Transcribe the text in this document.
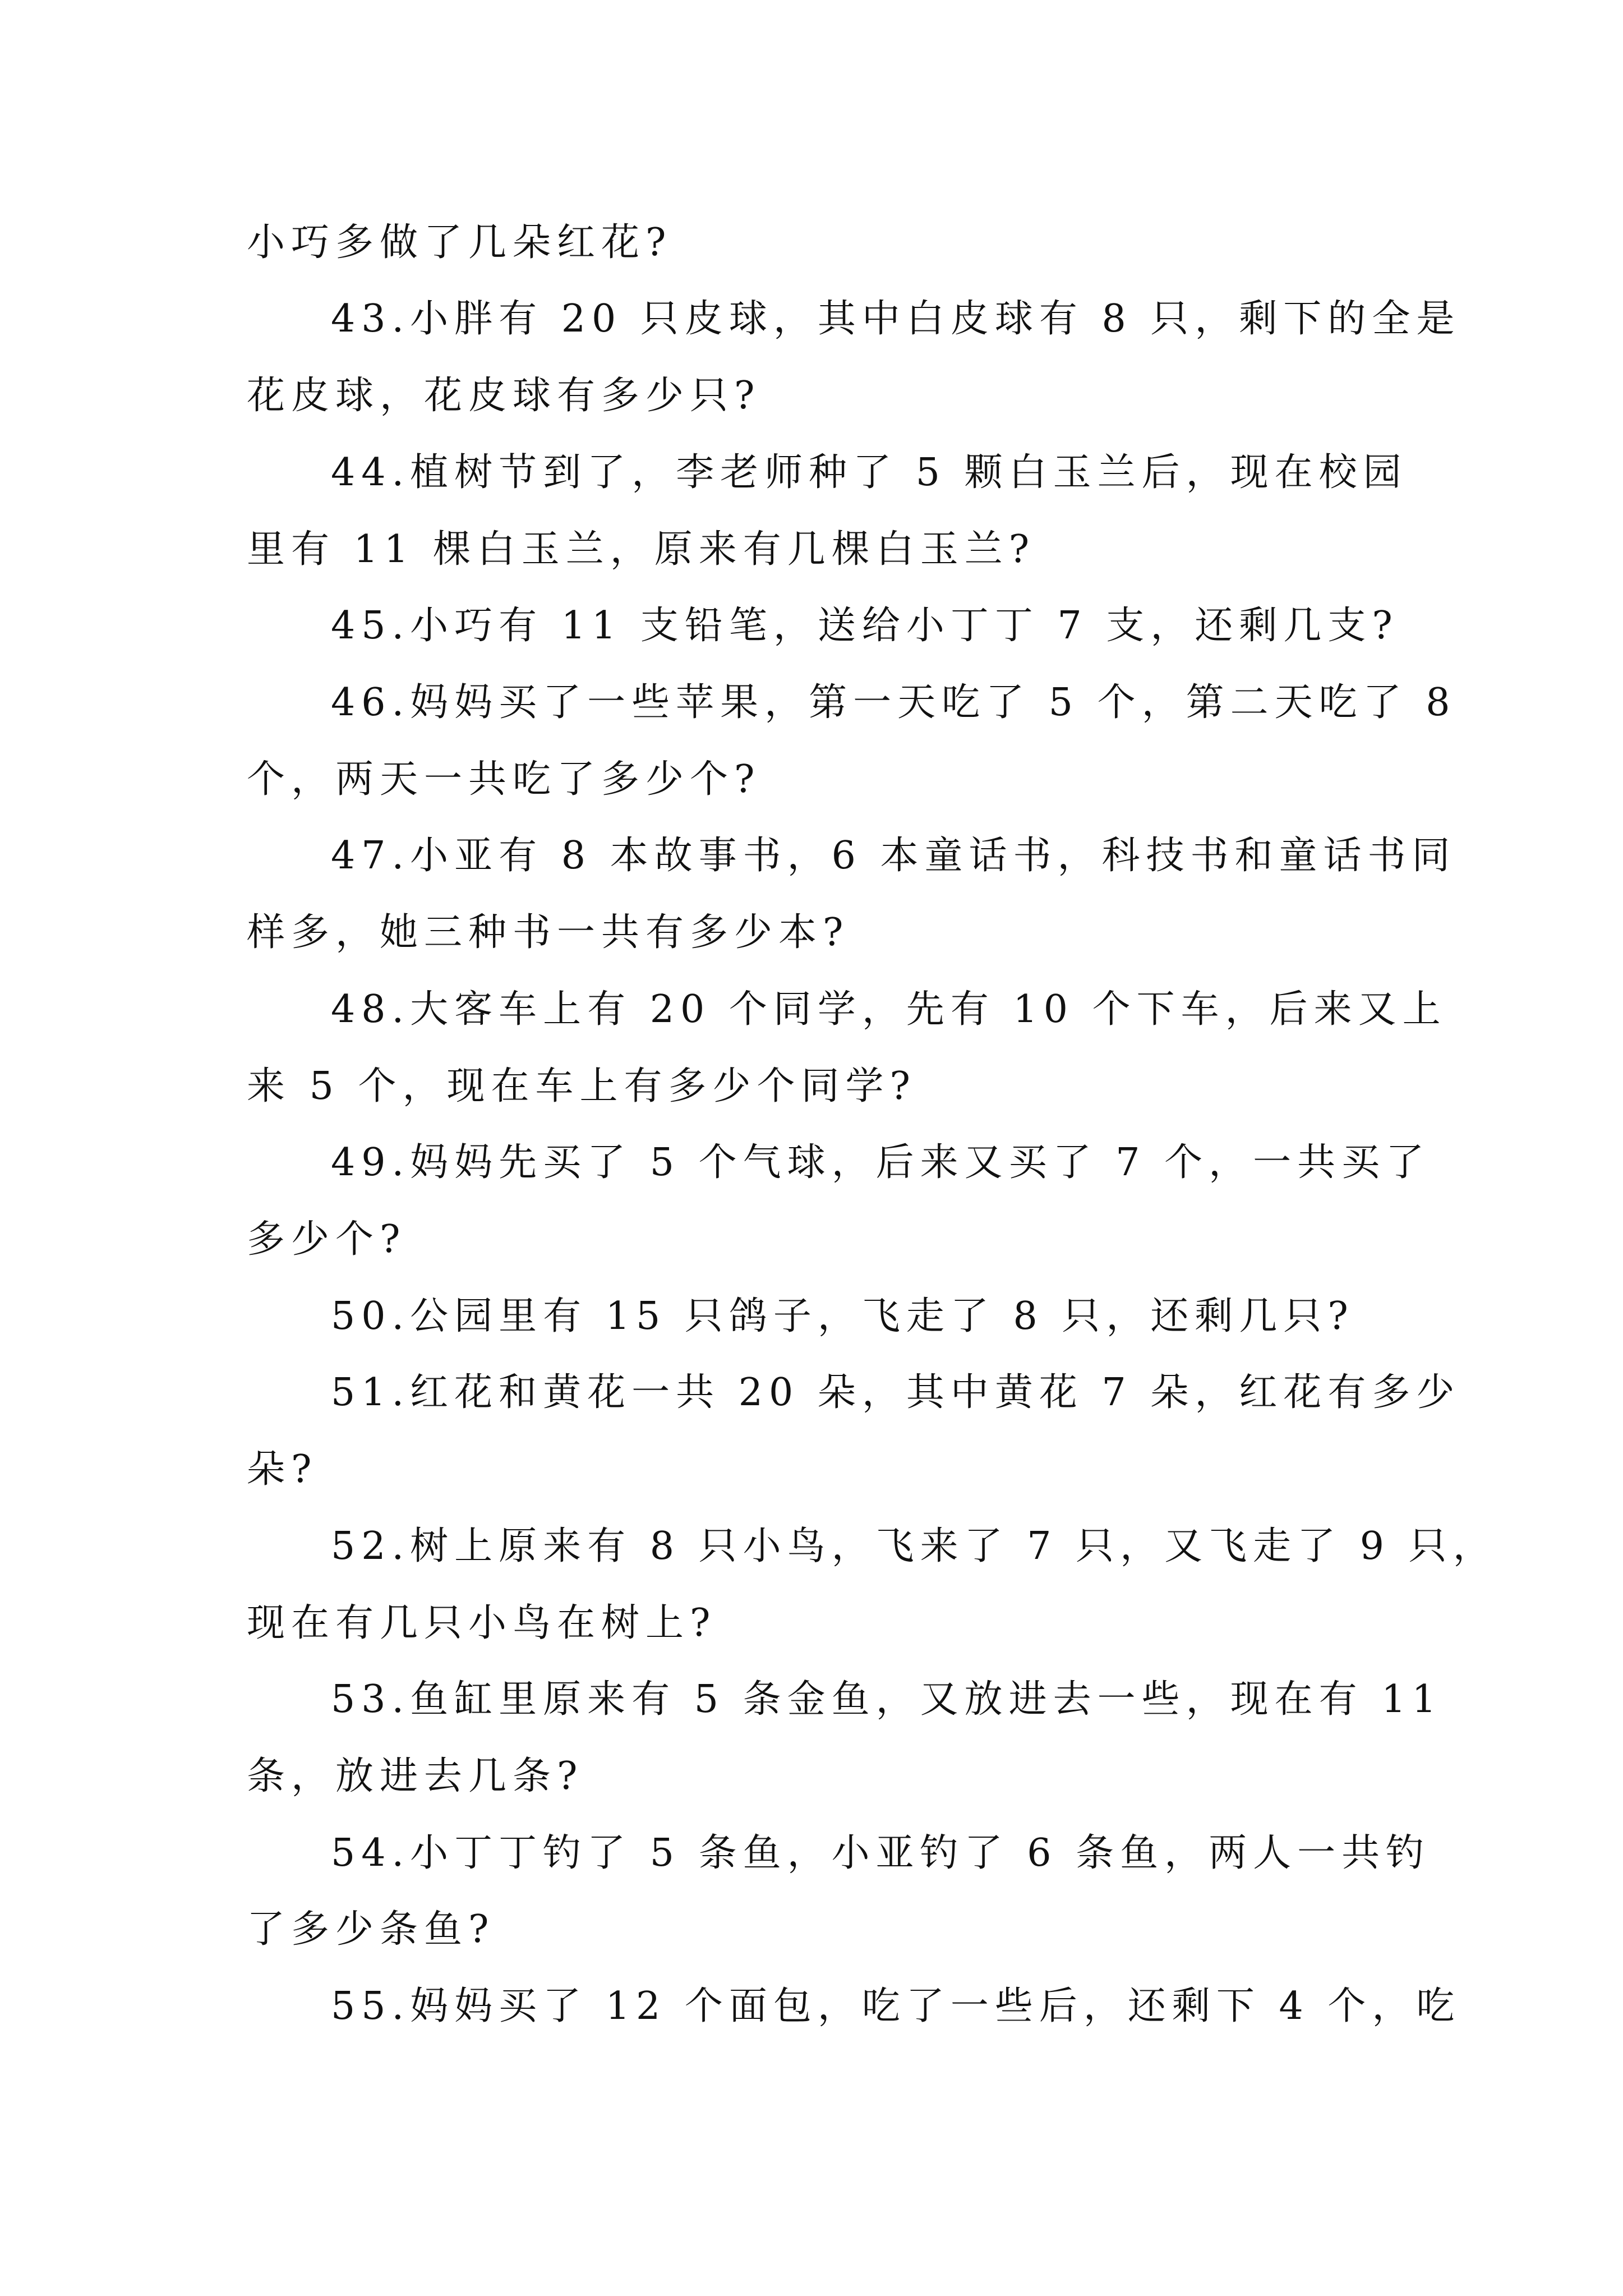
小巧多做了几朵红花?
43.小胖有 20 只皮球，其中白皮球有 8 只，剩下的全是
花皮球，花皮球有多少只?
44.植树节到了，李老师种了 5 颗白玉兰后，现在校园
里有 11 棵白玉兰，原来有几棵白玉兰?
45.小巧有 11 支铅笔，送给小丁丁 7 支，还剩几支?
46.妈妈买了一些苹果，第一天吃了 5 个，第二天吃了 8
个，两天一共吃了多少个?
47.小亚有 8 本故事书，6 本童话书，科技书和童话书同
样多，她三种书一共有多少本?
48.大客车上有 20 个同学，先有 10 个下车，后来又上
来 5 个，现在车上有多少个同学?
49.妈妈先买了 5 个气球，后来又买了 7 个，一共买了
多少个?
50.公园里有 15 只鸽子，飞走了 8 只，还剩几只?
51.红花和黄花一共 20 朵，其中黄花 7 朵，红花有多少
朵?
52.树上原来有 8 只小鸟，飞来了 7 只，又飞走了 9 只，
现在有几只小鸟在树上?
53.鱼缸里原来有 5 条金鱼，又放进去一些，现在有 11
条，放进去几条?
54.小丁丁钓了 5 条鱼，小亚钓了 6 条鱼，两人一共钓
了多少条鱼?
55.妈妈买了 12 个面包，吃了一些后，还剩下 4 个，吃
